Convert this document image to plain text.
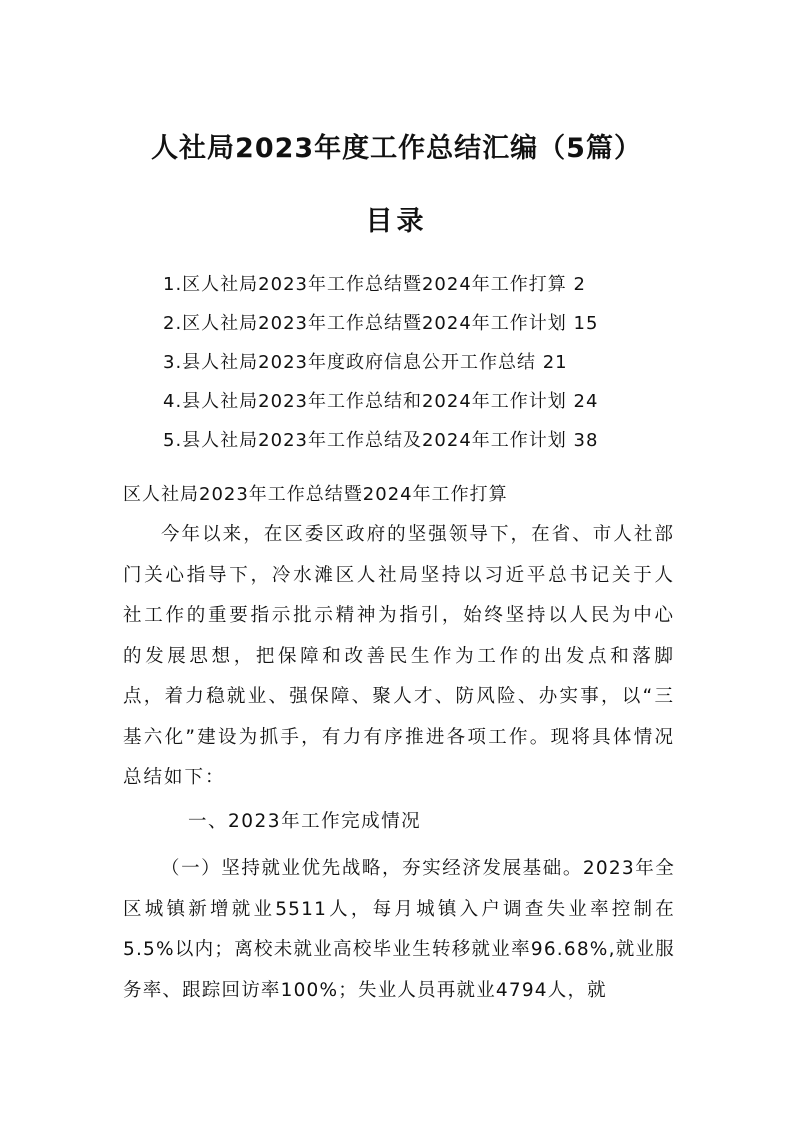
人社局2023年度工作总结汇编（5篇）
目录
1.区人社局2023年工作总结暨2024年工作打算 2
2.区人社局2023年工作总结暨2024年工作计划 15
3.县人社局2023年度政府信息公开工作总结 21
4.县人社局2023年工作总结和2024年工作计划 24
5.县人社局2023年工作总结及2024年工作计划 38
区人社局2023年工作总结暨2024年工作打算

今年以来，在区委区政府的坚强领导下，在省、市人社部门关心指导下，冷水滩区人社局坚持以习近平总书记关于人社工作的重要指示批示精神为指引，始终坚持以人民为中心的发展思想，把保障和改善民生作为工作的出发点和落脚点，着力稳就业、强保障、聚人才、防风险、办实事，以“三基六化”建设为抓手，有力有序推进各项工作。现将具体情况总结如下：

一、2023年工作完成情况

（一）坚持就业优先战略，夯实经济发展基础。2023年全区城镇新增就业5511人，每月城镇入户调查失业率控制在5.5%以内；离校未就业高校毕业生转移就业率96.68%,就业服务率、跟踪回访率100%；失业人员再就业4794人，就
